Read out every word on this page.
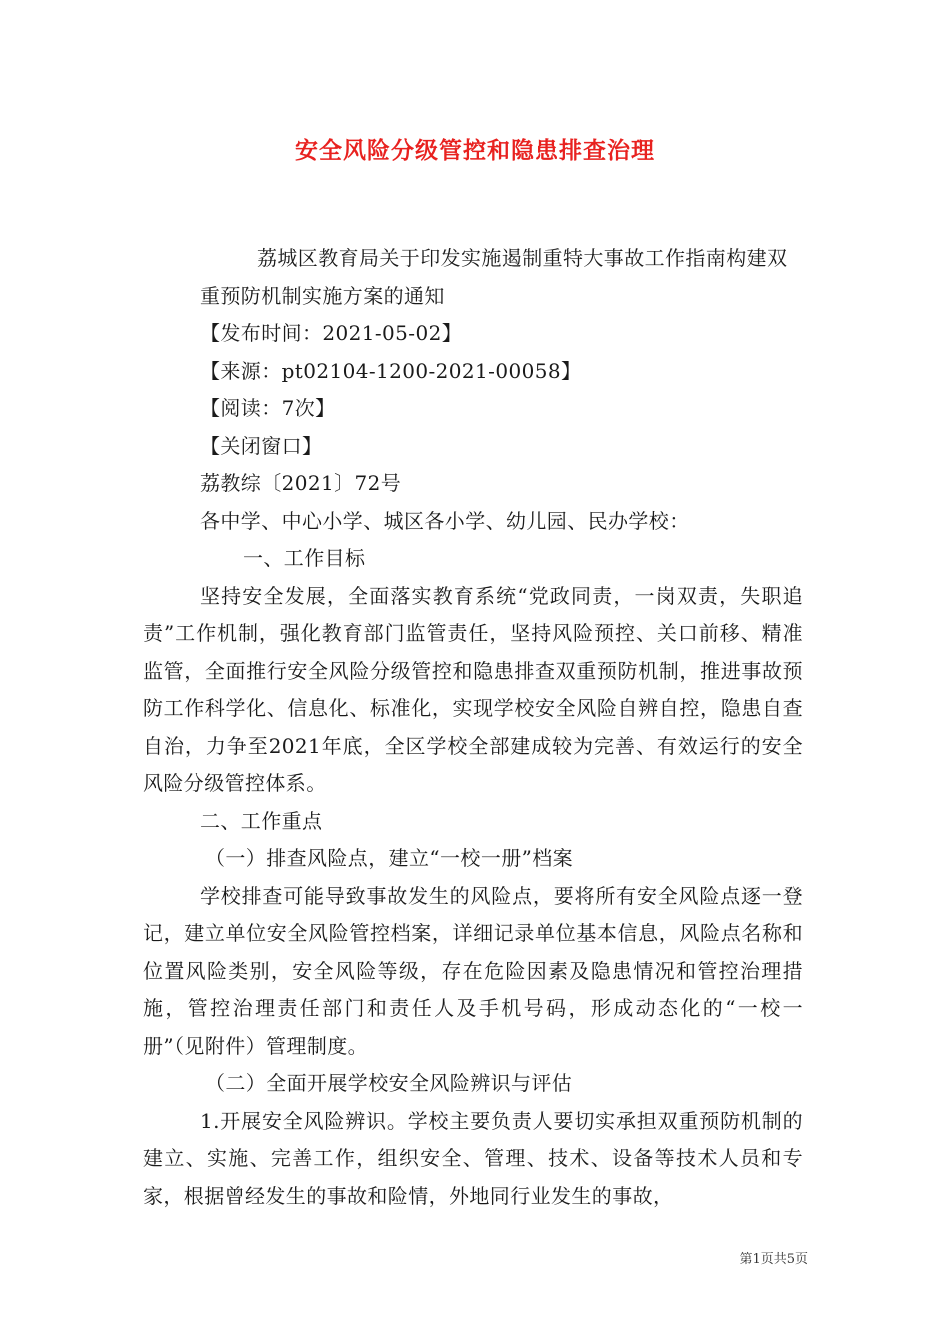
安全风险分级管控和隐患排查治理

荔城区教育局关于印发实施遏制重特大事故工作指南构建双重预防机制实施方案的通知

【发布时间：2021-05-02】

【来源：pt02104-1200-2021-00058】

【阅读：7次】

【关闭窗口】

荔教综〔2021〕72号

各中学、中心小学、城区各小学、幼儿园、民办学校：

一、工作目标

坚持安全发展，全面落实教育系统“党政同责，一岗双责，失职追责”工作机制，强化教育部门监管责任，坚持风险预控、关口前移、精准监管，全面推行安全风险分级管控和隐患排查双重预防机制，推进事故预防工作科学化、信息化、标准化，实现学校安全风险自辨自控，隐患自查自治，力争至2021年底，全区学校全部建成较为完善、有效运行的安全风险分级管控体系。

二、工作重点

（一）排查风险点，建立“一校一册”档案

学校排查可能导致事故发生的风险点，要将所有安全风险点逐一登记，建立单位安全风险管控档案，详细记录单位基本信息，风险点名称和位置风险类别，安全风险等级，存在危险因素及隐患情况和管控治理措施，管控治理责任部门和责任人及手机号码，形成动态化的“一校一册”（见附件）管理制度。

（二）全面开展学校安全风险辨识与评估

1.开展安全风险辨识。学校主要负责人要切实承担双重预防机制的建立、实施、完善工作，组织安全、管理、技术、设备等技术人员和专家，根据曾经发生的事故和险情，外地同行业发生的事故，

第1页共5页
